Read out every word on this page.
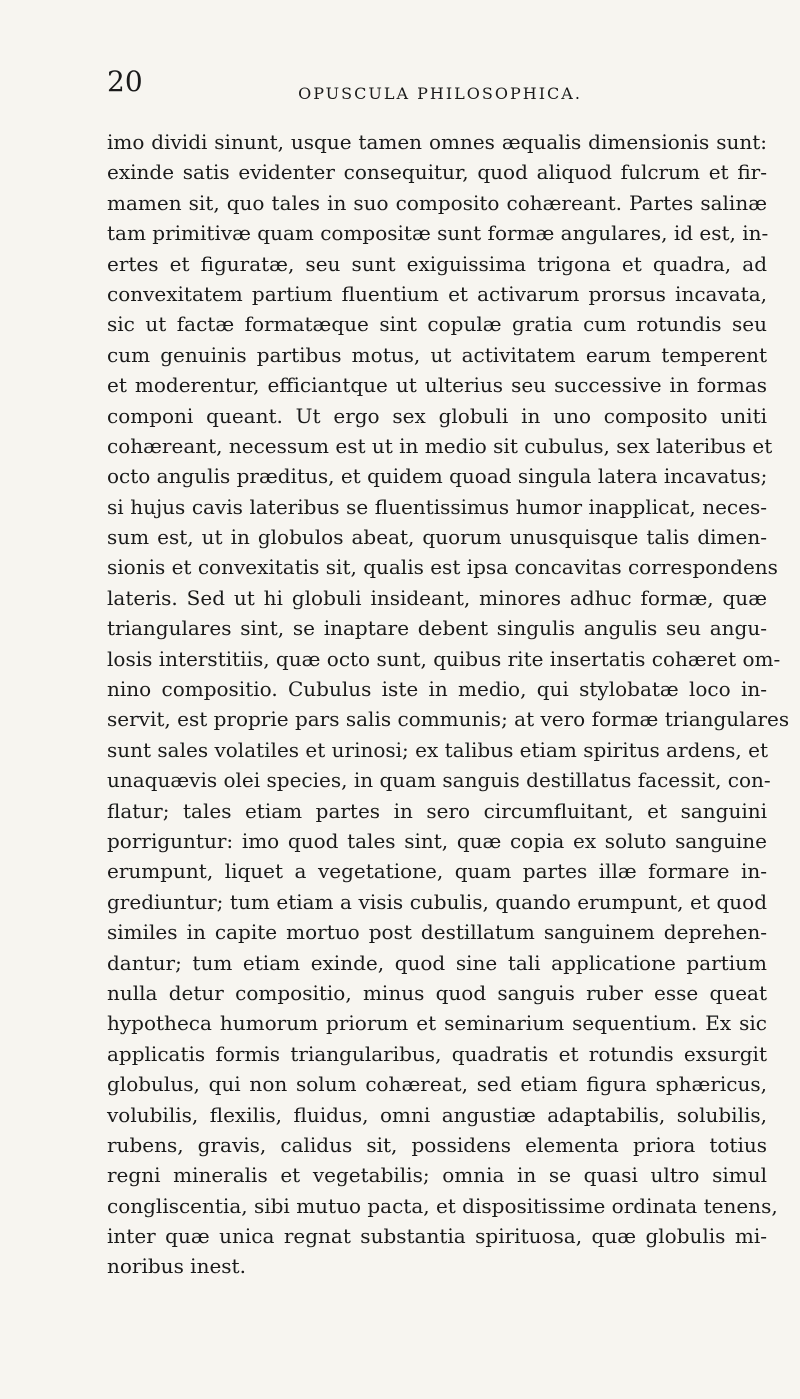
20	OPUSCULA PHILOSOPHICA.
imo dividi sinunt, usque tamen omnes æqualis dimensionis sunt:
exinde satis evidenter consequitur, quod aliquod fulcrum et fir-
mamen sit, quo tales in suo composito cohæreant. Partes salinæ
tam primitivæ quam compositæ sunt formæ angulares, id est, in-
ertes et figuratæ, seu sunt exiguissima trigona et quadra, ad
convexitatem partium fluentium et activarum prorsus incavata,
sic ut factæ formatæque sint copulæ gratia cum rotundis seu
cum genuinis partibus motus, ut activitatem earum temperent
et moderentur, efficiantque ut ulterius seu successive in formas
componi queant. Ut ergo sex globuli in uno composito uniti
cohæreant, necessum est ut in medio sit cubulus, sex lateribus et
octo angulis præditus, et quidem quoad singula latera incavatus;
si hujus cavis lateribus se fluentissimus humor inapplicat, neces-
sum est, ut in globulos abeat, quorum unusquisque talis dimen-
sionis et convexitatis sit, qualis est ipsa concavitas correspondens
lateris. Sed ut hi globuli insideant, minores adhuc formæ, quæ
triangulares sint, se inaptare debent singulis angulis seu angu-
losis interstitiis, quæ octo sunt, quibus rite insertatis cohæret om-
nino compositio. Cubulus iste in medio, qui stylobatæ loco in-
servit, est proprie pars salis communis; at vero formæ triangulares
sunt sales volatiles et urinosi; ex talibus etiam spiritus ardens, et
unaquævis olei species, in quam sanguis destillatus facessit, con-
flatur; tales etiam partes in sero circumfluitant, et sanguini
porriguntur: imo quod tales sint, quæ copia ex soluto sanguine
erumpunt, liquet a vegetatione, quam partes illæ formare in-
grediuntur; tum etiam a visis cubulis, quando erumpunt, et quod
similes in capite mortuo post destillatum sanguinem deprehen-
dantur; tum etiam exinde, quod sine tali applicatione partium
nulla detur compositio, minus quod sanguis ruber esse queat
hypotheca humorum priorum et seminarium sequentium. Ex sic
applicatis formis triangularibus, quadratis et rotundis exsurgit
globulus, qui non solum cohæreat, sed etiam figura sphæricus,
volubilis, flexilis, fluidus, omni angustiæ adaptabilis, solubilis,
rubens, gravis, calidus sit, possidens elementa priora totius
regni mineralis et vegetabilis; omnia in se quasi ultro simul
congliscentia, sibi mutuo pacta, et dispositissime ordinata tenens,
inter quæ unica regnat substantia spirituosa, quæ globulis mi-
noribus inest.
